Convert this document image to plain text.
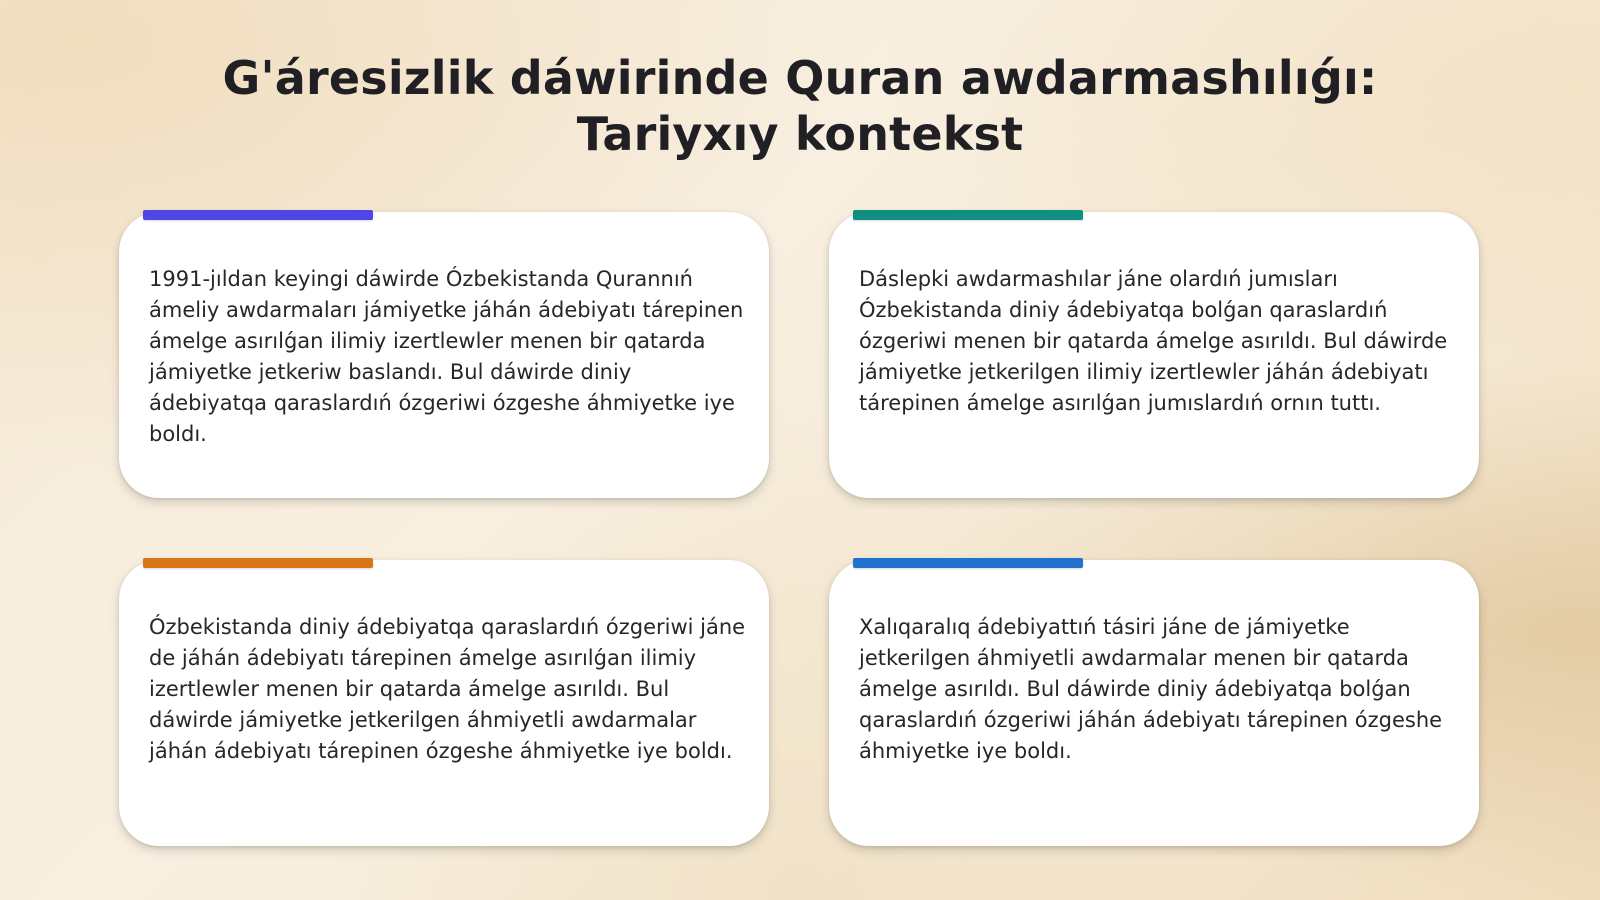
G'áresizlik dáwirinde Quran awdarmashılıǵı: Tariyxıy kontekst

1991-jıldan keyingi dáwirde Ózbekistanda Qurannıń ámeliy awdarmaları jámiyetke jáhán ádebiyatı tárepinen ámelge asırılǵan ilimiy izertlewler menen bir qatarda jámiyetke jetkeriw baslandı. Bul dáwirde diniy ádebiyatqa qaraslardıń ózgeriwi ózgeshe áhmiyetke iye boldı.

Dáslepki awdarmashılar jáne olardıń jumısları Ózbekistanda diniy ádebiyatqa bolǵan qaraslardıń ózgeriwi menen bir qatarda ámelge asırıldı. Bul dáwirde jámiyetke jetkerilgen ilimiy izertlewler jáhán ádebiyatı tárepinen ámelge asırılǵan jumıslardıń ornın tuttı.

Ózbekistanda diniy ádebiyatqa qaraslardıń ózgeriwi jáne de jáhán ádebiyatı tárepinen ámelge asırılǵan ilimiy izertlewler menen bir qatarda ámelge asırıldı. Bul dáwirde jámiyetke jetkerilgen áhmiyetli awdarmalar jáhán ádebiyatı tárepinen ózgeshe áhmiyetke iye boldı.

Xalıqaralıq ádebiyattıń tásiri jáne de jámiyetke jetkerilgen áhmiyetli awdarmalar menen bir qatarda ámelge asırıldı. Bul dáwirde diniy ádebiyatqa bolǵan qaraslardıń ózgeriwi jáhán ádebiyatı tárepinen ózgeshe áhmiyetke iye boldı.
